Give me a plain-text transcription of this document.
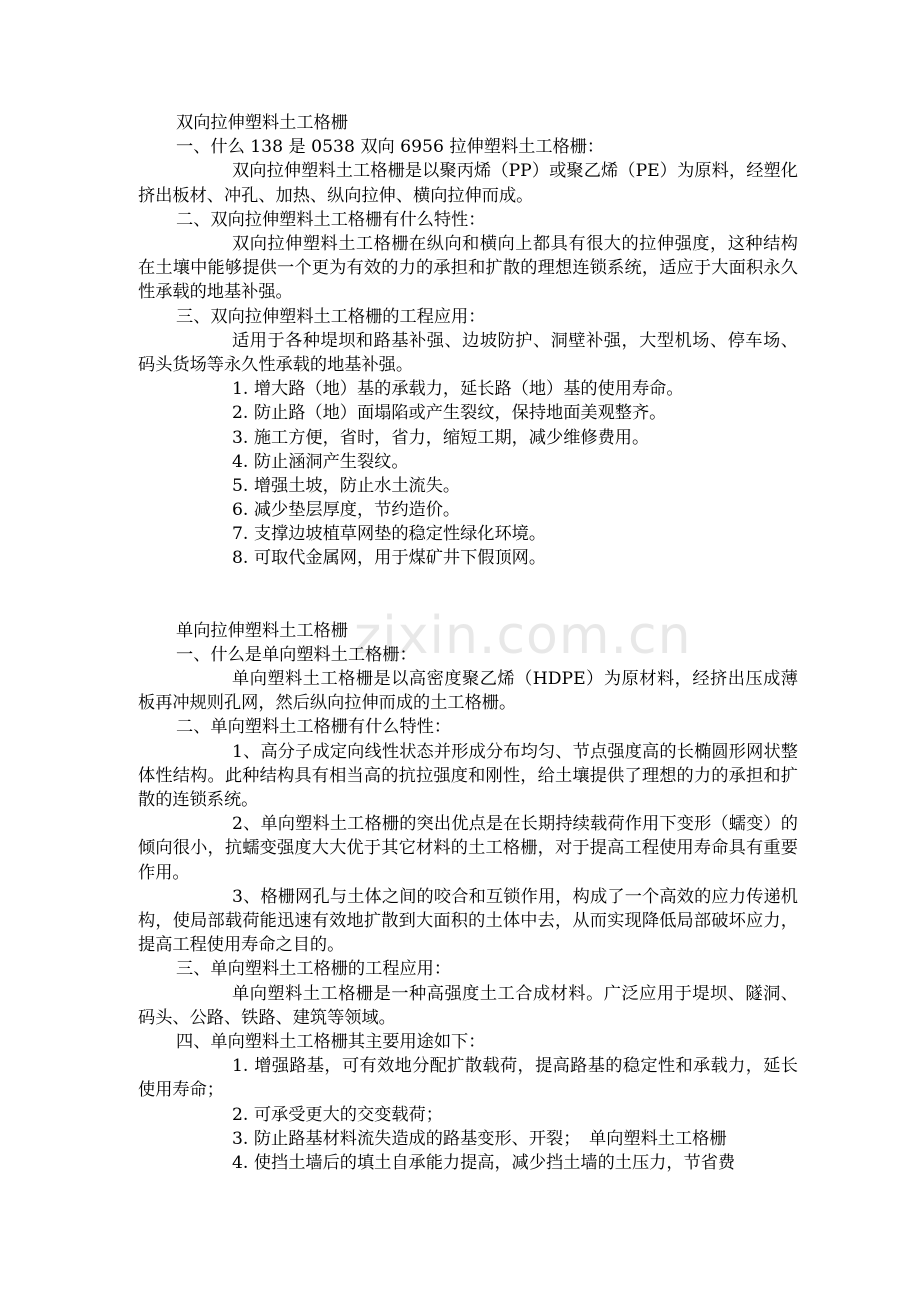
zixin.com.cn
双向拉伸塑料土工格栅
一、什么 138 是 0538 双向 6956 拉伸塑料土工格栅：

双向拉伸塑料土工格栅是以聚丙烯（PP）或聚乙烯（PE）为原料，经塑化挤出板材、冲孔、加热、纵向拉伸、横向拉伸而成。

二、双向拉伸塑料土工格栅有什么特性：

双向拉伸塑料土工格栅在纵向和横向上都具有很大的拉伸强度，这种结构在土壤中能够提供一个更为有效的力的承担和扩散的理想连锁系统，适应于大面积永久性承载的地基补强。

三、双向拉伸塑料土工格栅的工程应用：

适用于各种堤坝和路基补强、边坡防护、洞壁补强，大型机场、停车场、码头货场等永久性承载的地基补强。

1. 增大路（地）基的承载力，延长路（地）基的使用寿命。
2. 防止路（地）面塌陷或产生裂纹，保持地面美观整齐。
3. 施工方便，省时，省力，缩短工期，减少维修费用。
4. 防止涵洞产生裂纹。
5. 增强土坡，防止水土流失。
6. 减少垫层厚度，节约造价。
7. 支撑边坡植草网垫的稳定性绿化环境。
8. 可取代金属网，用于煤矿井下假顶网。
单向拉伸塑料土工格栅
一、什么是单向塑料土工格栅：

单向塑料土工格栅是以高密度聚乙烯（HDPE）为原材料，经挤出压成薄板再冲规则孔网，然后纵向拉伸而成的土工格栅。

二、单向塑料土工格栅有什么特性：

1、高分子成定向线性状态并形成分布均匀、节点强度高的长椭圆形网状整体性结构。此种结构具有相当高的抗拉强度和刚性，给土壤提供了理想的力的承担和扩散的连锁系统。

2、单向塑料土工格栅的突出优点是在长期持续载荷作用下变形（蠕变）的倾向很小，抗蠕变强度大大优于其它材料的土工格栅，对于提高工程使用寿命具有重要作用。

3、格栅网孔与土体之间的咬合和互锁作用，构成了一个高效的应力传递机构，使局部载荷能迅速有效地扩散到大面积的土体中去，从而实现降低局部破坏应力，提高工程使用寿命之目的。

三、单向塑料土工格栅的工程应用：

单向塑料土工格栅是一种高强度土工合成材料。广泛应用于堤坝、隧洞、码头、公路、铁路、建筑等领域。

四、单向塑料土工格栅其主要用途如下：

1. 增强路基，可有效地分配扩散载荷，提高路基的稳定性和承载力，延长使用寿命；

2. 可承受更大的交变载荷；
3. 防止路基材料流失造成的路基变形、开裂；　单向塑料土工格栅
4. 使挡土墙后的填土自承能力提高，减少挡土墙的土压力，节省费
